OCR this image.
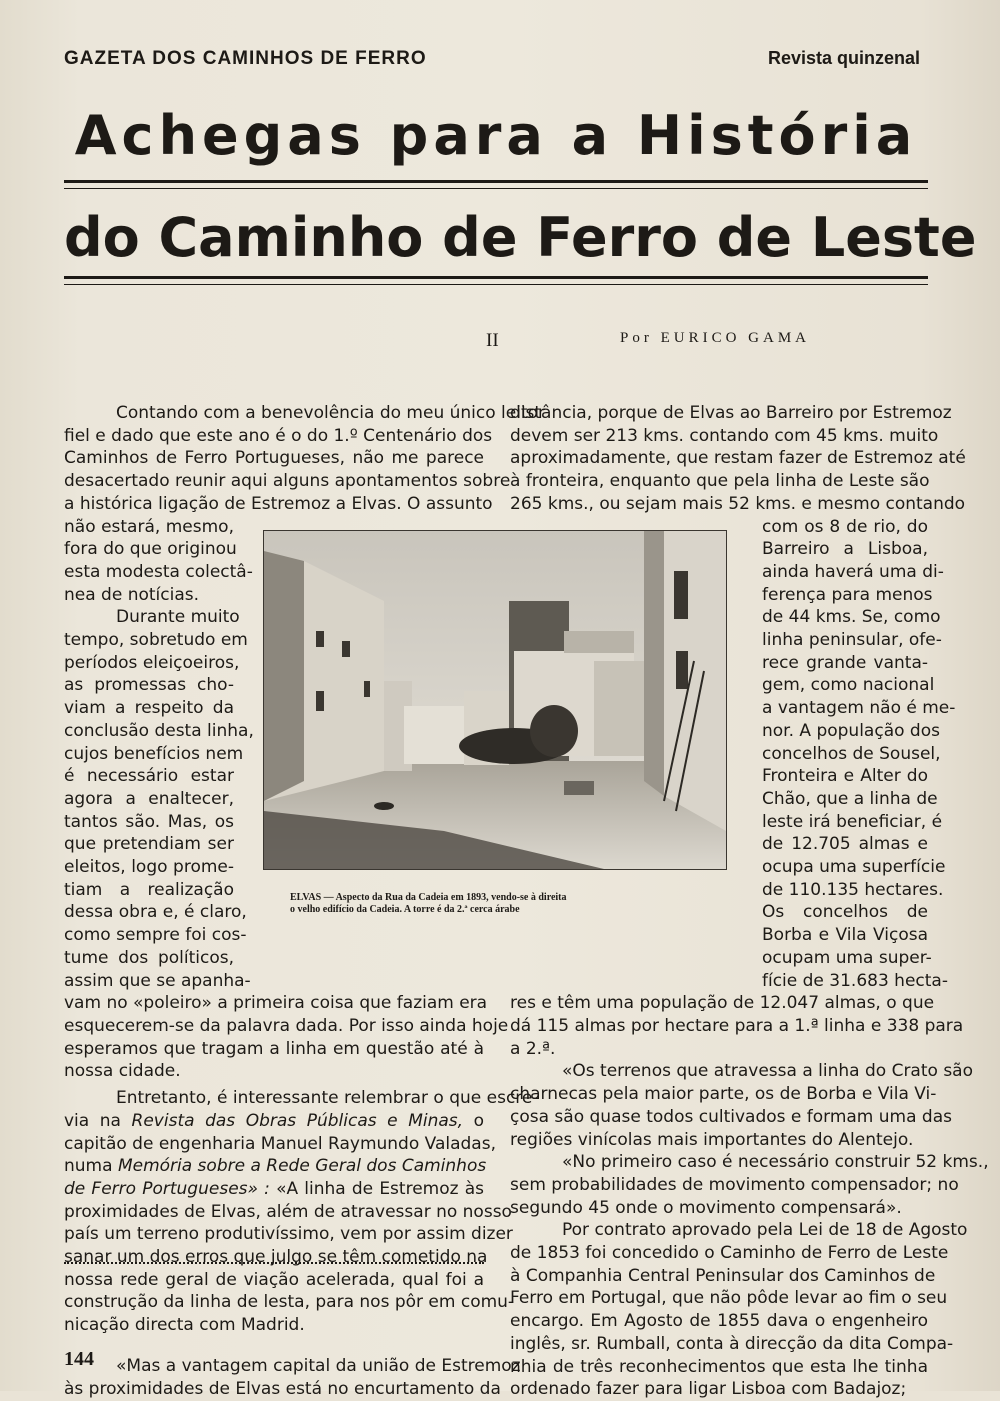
GAZETA DOS CAMINHOS DE FERRO	Revista quinzenal
Achegas para a História
do Caminho de Ferro de Leste
II	Por EURICO GAMA
Contando com a benevolência do meu único leitor
fiel e dado que este ano é o do 1.º Centenário dos
Caminhos de Ferro Portugueses, não me parece
desacertado reunir aqui alguns apontamentos sobre
a histórica ligação de Estremoz a Elvas. O assunto
não estará, mesmo,
fora do que originou
esta modesta colectâ-
nea de notícias.
Durante muito
tempo, sobretudo em
períodos eleiçoeiros,
as promessas cho-
viam a respeito da
conclusão desta linha,
cujos benefícios nem
é necessário estar
agora a enaltecer,
tantos são. Mas, os
que pretendiam ser
eleitos, logo prome-
tiam a realização
dessa obra e, é claro,
como sempre foi cos-
tume dos políticos,
assim que se apanha-
vam no «poleiro» a primeira coisa que faziam era
esquecerem-se da palavra dada. Por isso ainda hoje
esperamos que tragam a linha em questão até à
nossa cidade.
Entretanto, é interessante relembrar o que escre-
via na Revista das Obras Públicas e Minas, o
capitão de engenharia Manuel Raymundo Valadas,
numa Memória sobre a Rede Geral dos Caminhos
de Ferro Portugueses» : «A linha de Estremoz às
proximidades de Elvas, além de atravessar no nosso
país um terreno produtivíssimo, vem por assim dizer
sanar um dos erros que julgo se têm cometido na
nossa rede geral de viação acelerada, qual foi a
construção da linha de lesta, para nos pôr em comu-
nicação directa com Madrid.
«Mas a vantagem capital da união de Estremoz
às proximidades de Elvas está no encurtamento da
distância, porque de Elvas ao Barreiro por Estremoz
devem ser 213 kms. contando com 45 kms. muito
aproximadamente, que restam fazer de Estremoz até
à fronteira, enquanto que pela linha de Leste são
265 kms., ou sejam mais 52 kms. e mesmo contando
com os 8 de rio, do
Barreiro a Lisboa,
ainda haverá uma di-
ferença para menos
de 44 kms. Se, como
linha peninsular, ofe-
rece grande vanta-
gem, como nacional
a vantagem não é me-
nor. A população dos
concelhos de Sousel,
Fronteira e Alter do
Chão, que a linha de
leste irá beneficiar, é
de 12.705 almas e
ocupa uma superfície
de 110.135 hectares.
Os concelhos de
Borba e Vila Viçosa
ocupam uma super-
fície de 31.683 hecta-
res e têm uma população de 12.047 almas, o que
dá 115 almas por hectare para a 1.ª linha e 338 para
a 2.ª.
«Os terrenos que atravessa a linha do Crato são
charnecas pela maior parte, os de Borba e Vila Vi-
çosa são quase todos cultivados e formam uma das
regiões vinícolas mais importantes do Alentejo.
«No primeiro caso é necessário construir 52 kms.,
sem probabilidades de movimento compensador; no
segundo 45 onde o movimento compensará».
Por contrato aprovado pela Lei de 18 de Agosto
de 1853 foi concedido o Caminho de Ferro de Leste
à Companhia Central Peninsular dos Caminhos de
Ferro em Portugal, que não pôde levar ao fim o seu
encargo. Em Agosto de 1855 dava o engenheiro
inglês, sr. Rumball, conta à direcção da dita Compa-
nhia de três reconhecimentos que esta lhe tinha
ordenado fazer para ligar Lisboa com Badajoz;
ELVAS — Aspecto da Rua da Cadeia em 1893, vendo-se à direita
o velho edifício da Cadeia. A torre é da 2.ª cerca árabe
144
